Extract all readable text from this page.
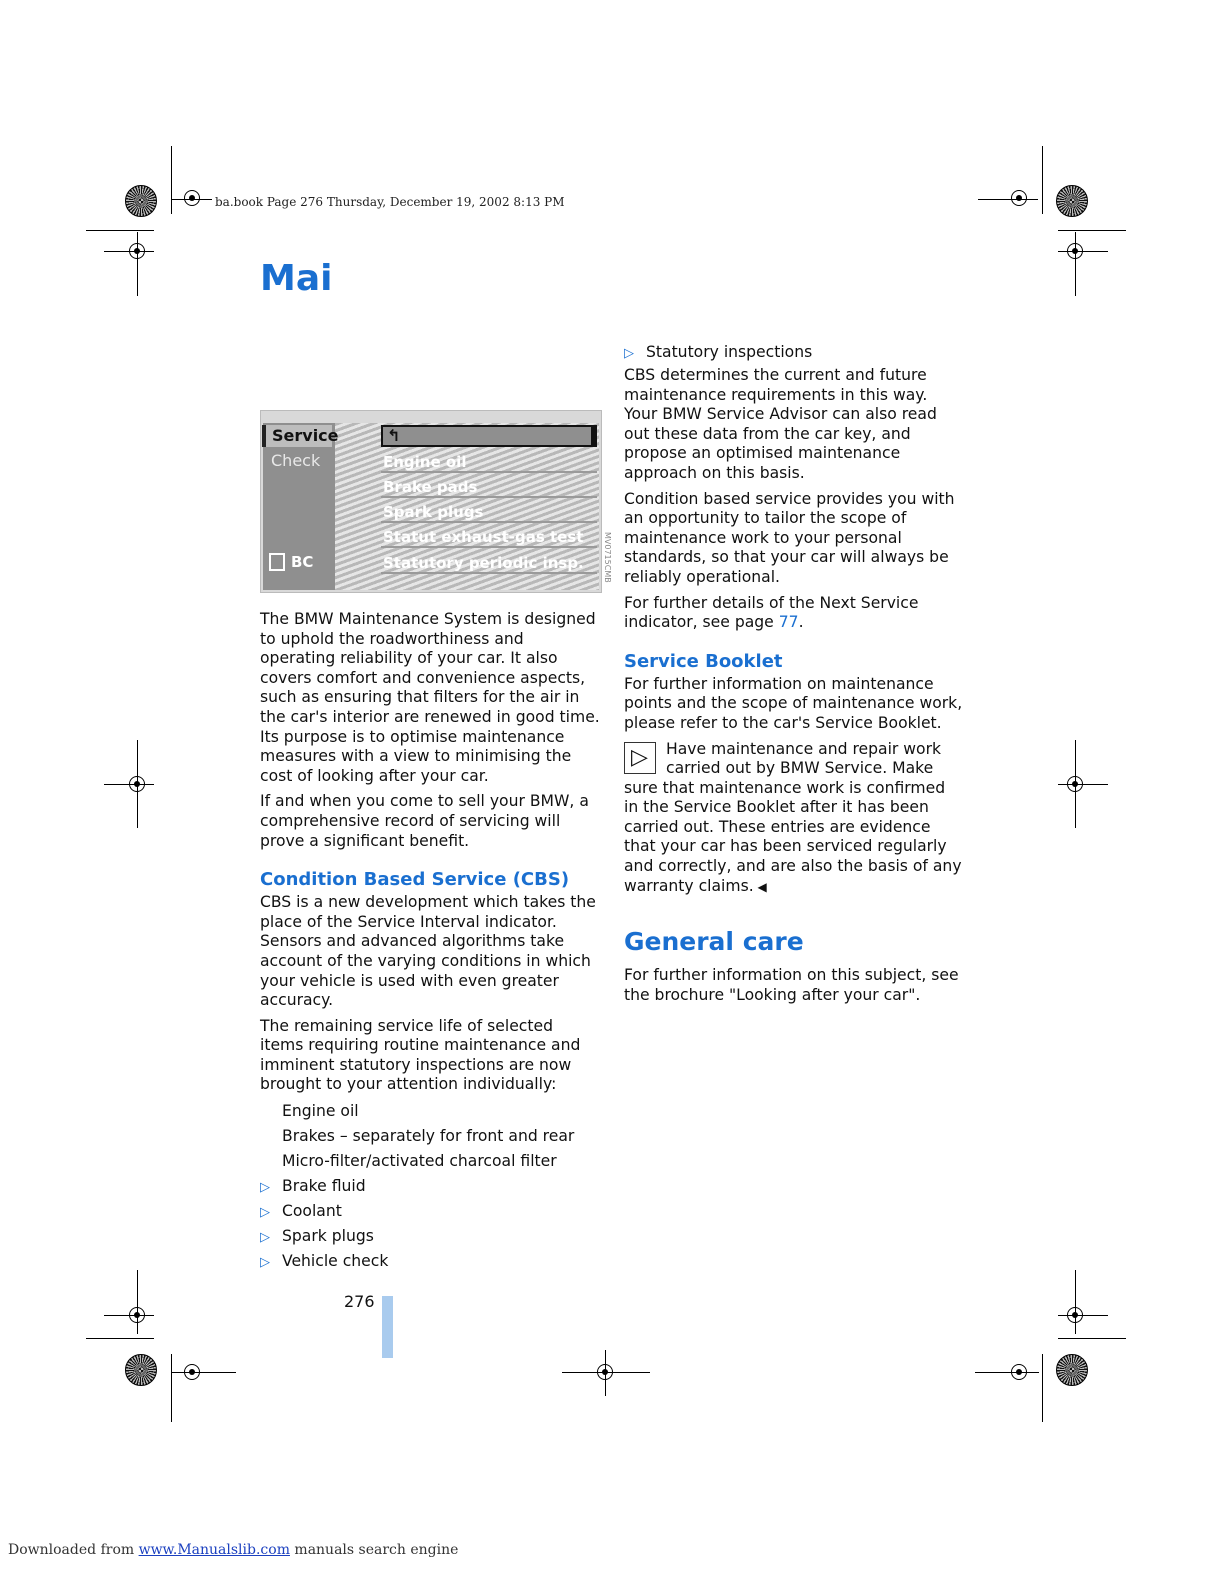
ba.book Page 276 Thursday, December 19, 2002 8:13 PM
Mai
Service
Check
↰
Engine oil
Brake pads
Spark plugs
Statut exhaust-gas test
Statutory periodic insp.
BC	MV0715CMB

The BMW Maintenance System is designed to uphold the roadworthiness and operating reliability of your car. It also covers comfort and convenience aspects, such as ensuring that filters for the air in the car's interior are renewed in good time. Its purpose is to optimise maintenance measures with a view to minimising the cost of looking after your car.

If and when you come to sell your BMW, a comprehensive record of servicing will prove a significant benefit.

Condition Based Service (CBS)

CBS is a new development which takes the place of the Service Interval indicator. Sensors and advanced algorithms take account of the varying conditions in which your vehicle is used with even greater accuracy.

The remaining service life of selected items requiring routine maintenance and imminent statutory inspections are now brought to your attention individually:

Engine oil
Brakes – separately for front and rear
Micro-filter/activated charcoal filter
▷ Brake fluid
▷ Coolant
▷ Spark plugs
▷ Vehicle check
▷ Statutory inspections

CBS determines the current and future maintenance requirements in this way. Your BMW Service Advisor can also read out these data from the car key, and propose an optimised maintenance approach on this basis.

Condition based service provides you with an opportunity to tailor the scope of maintenance work to your personal standards, so that your car will always be reliably operational.

For further details of the Next Service indicator, see page 77.

Service Booklet

For further information on maintenance points and the scope of maintenance work, please refer to the car's Service Booklet.

▷	Have maintenance and repair work carried out by BMW Service. Make sure that maintenance work is confirmed in the Service Booklet after it has been carried out. These entries are evidence that your car has been serviced regularly and correctly, and are also the basis of any warranty claims. ◀

General care

For further information on this subject, see the brochure "Looking after your car".

276
Downloaded from www.Manualslib.com manuals search engine
